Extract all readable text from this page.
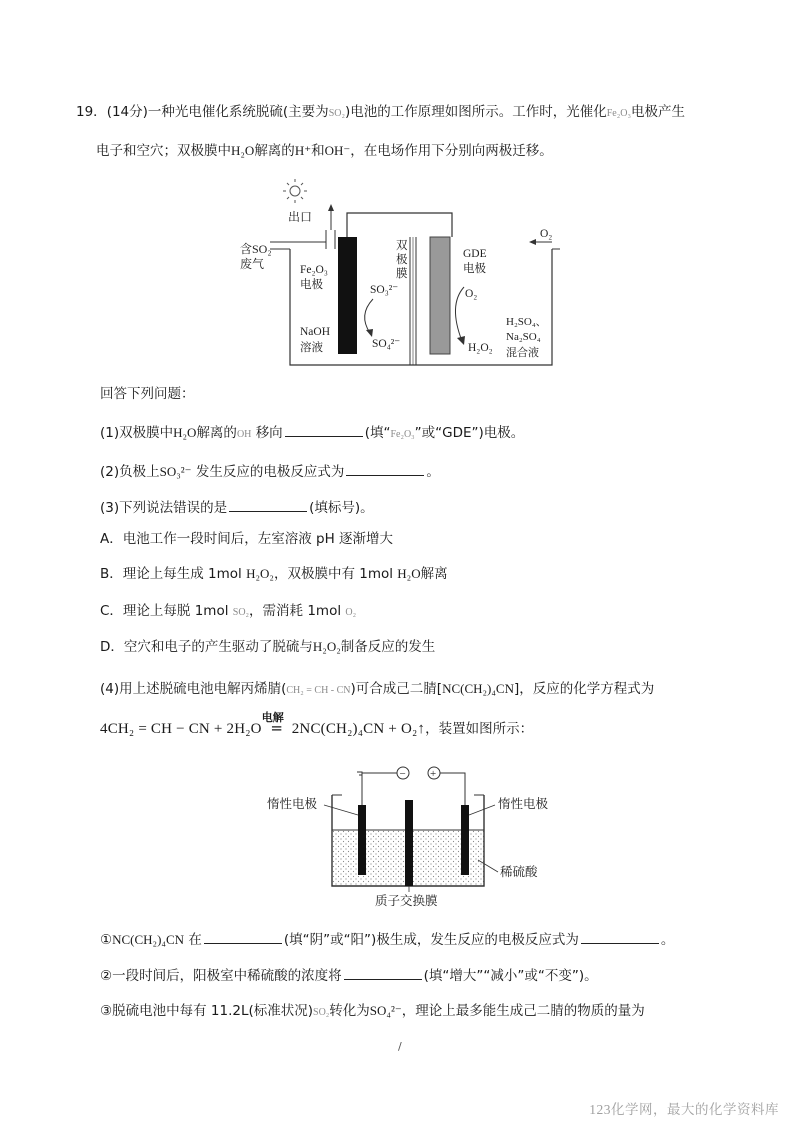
19．(14分)一种光电催化系统脱硫(主要为SO₂)电池的工作原理如图所示。工作时，光催化Fe₂O₃电极产生
电子和空穴；双极膜中H₂O解离的H⁺和OH⁻，在电场作用下分别向两极迁移。
出口
含SO₂
废气	Fe₂O₃
电极	SO₃²⁻
SO₄²⁻
NaOH
溶液
双
极
膜
GDE
电极
O₂
H₂O₂
O₂
H₂SO₄、
Na₂SO₄
混合液
回答下列问题：
(1)双极膜中H₂O解离的OH 移向	(填“Fe₂O₃”或“GDE”)电极。
(2)负极上SO₃²⁻ 发生反应的电极反应式为	。
(3)下列说法错误的是	(填标号)。
A．电池工作一段时间后，左室溶液 pH 逐渐增大
B．理论上每生成 1mol H₂O₂，双极膜中有 1mol H₂O解离
C．理论上每脱 1mol SO₂，需消耗 1mol O₂
D．空穴和电子的产生驱动了脱硫与H₂O₂制备反应的发生
(4)用上述脱硫电池电解丙烯腈(CH₂ = CH - CN)可合成己二腈[NC(CH₂)₄CN]，反应的化学方程式为
4CH₂ = CH − CN + 2H₂O
电解
= 2NC(CH₂)₄CN + O₂↑，装置如图所示：
− +
惰性电极	惰性电极
稀硫酸
质子交换膜
①NC(CH₂)₄CN 在	(填“阴”或“阳”)极生成，发生反应的电极反应式为	。
②一段时间后，阳极室中稀硫酸的浓度将	(填“增大”“减小”或“不变”)。
③脱硫电池中每有 11.2L(标准状况)SO₂转化为SO₄²⁻，理论上最多能生成己二腈的物质的量为
/
123化学网，最大的化学资料库
